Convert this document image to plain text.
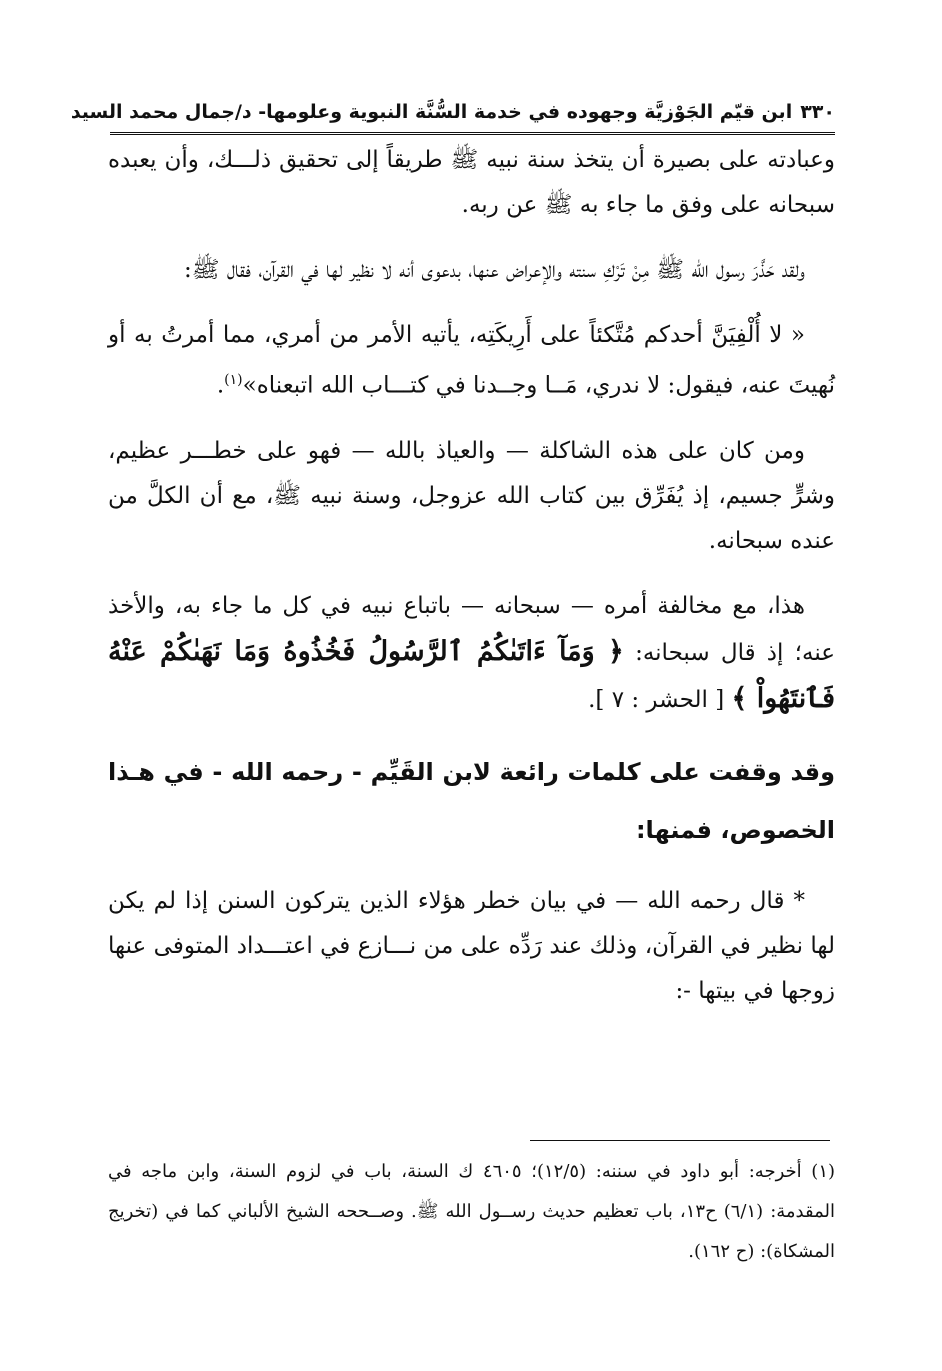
٣٣٠
ابن قيّم الجَوْزيَّة وجهوده في خدمة السُّنَّة النبوية وعلومها- د/جمال محمد السيد

وعبادته على بصيرة أن يتخذ سنة نبيه ﷺ طريقاً إلى تحقيق ذلـــك، وأن يعبده سبحانه على وفق ما جاء به ﷺ عن ربه.

ولقد حَذَّرَ رسول الله ﷺ مِنْ تَرْكِ سنته والإعراض عنها، بدعوى أنه لا نظير لها في القرآن، فقال ﷺ:

« لا أُلْفِيَنَّ أحدكم مُتَّكئاً على أَرِيكَتِه، يأتيه الأمر من أمري، مما أمرتُ به أو نُهيتَ عنه، فيقول: لا ندري، مَــا وجــدنا في كتـــاب الله اتبعناه»$^{(١)}$.

ومن كان على هذه الشاكلة — والعياذ بالله — فهو على خطـــر عظيم، وشرٍّ جسيم، إذ يُفَرِّق بين كتاب الله عزوجل، وسنة نبيه ﷺ، مع أن الكلَّ من عنده سبحانه.

هذا، مع مخالفة أمره — سبحانه — باتباع نبيه في كل ما جاء به، والأخذ عنه؛ إذ قال سبحانه: ﴿ وَمَآ ءَاتَىٰكُمُ ٱلرَّسُولُ فَخُذُوهُ وَمَا نَهَىٰكُمْ عَنْهُ فَٱنتَهُواْ ﴾ [ الحشر : ٧ ].

وقد وقفت على كلمات رائعة لابن القَيِّم - رحمه الله - في هـذا الخصوص، فمنها:

* قال رحمه الله — في بيان خطر هؤلاء الذين يتركون السنن إذا لم يكن لها نظير في القرآن، وذلك عند رَدِّه على من نـــازع في اعتـــداد المتوفى عنها زوجها في بيتها -:

(١) أخرجه: أبو داود في سننه: (١٢/٥)؛ ٤٦٠٥ ك السنة، باب في لزوم السنة، وابن ماجه في المقدمة: (٦/١) ح١٣، باب تعظيم حديث رســول الله ﷺ. وصــححه الشيخ الألباني كما في (تخريج المشكاة): (ح ١٦٢).
